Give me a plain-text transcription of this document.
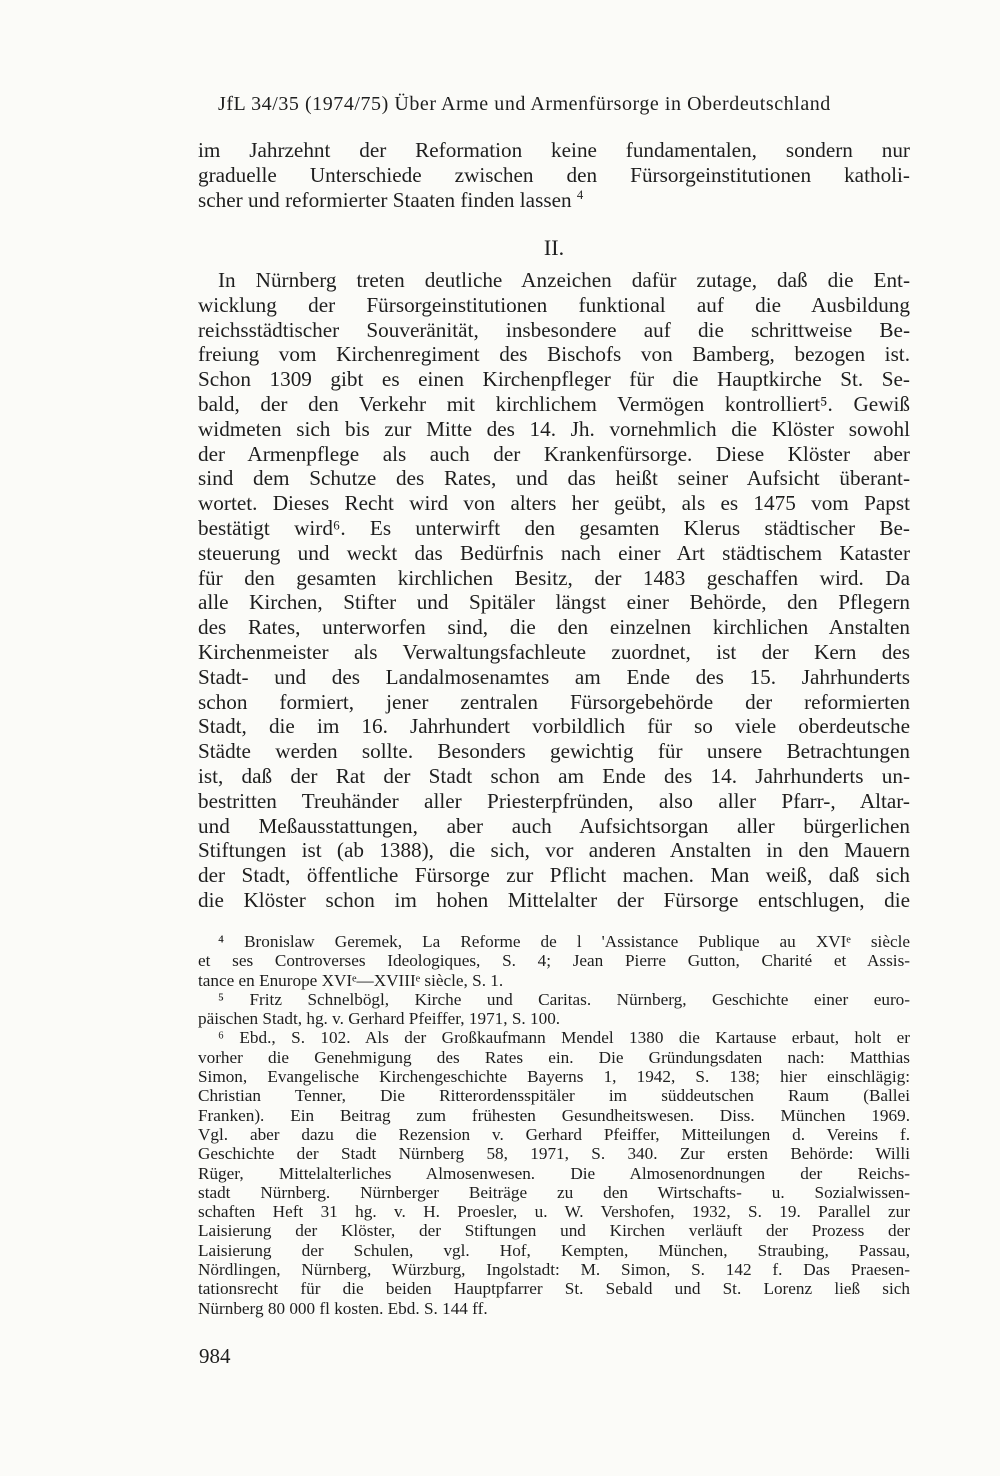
JfL 34/35 (1974/75) Über Arme und Armenfürsorge in Oberdeutschland
im Jahrzehnt der Reformation keine fundamentalen, sondern nur
graduelle Unterschiede zwischen den Fürsorgeinstitutionen katholi-
scher und reformierter Staaten finden lassen $^4$
II.
In Nürnberg treten deutliche Anzeichen dafür zutage, daß die Ent-
wicklung der Fürsorgeinstitutionen funktional auf die Ausbildung
reichsstädtischer Souveränität, insbesondere auf die schrittweise Be-
freiung vom Kirchenregiment des Bischofs von Bamberg, bezogen ist.
Schon 1309 gibt es einen Kirchenpfleger für die Hauptkirche St. Se-
bald, der den Verkehr mit kirchlichem Vermögen kontrolliert⁵. Gewiß
widmeten sich bis zur Mitte des 14. Jh. vornehmlich die Klöster sowohl
der Armenpflege als auch der Krankenfürsorge. Diese Klöster aber
sind dem Schutze des Rates, und das heißt seiner Aufsicht überant-
wortet. Dieses Recht wird von alters her geübt, als es 1475 vom Papst
bestätigt wird⁶. Es unterwirft den gesamten Klerus städtischer Be-
steuerung und weckt das Bedürfnis nach einer Art städtischem Kataster
für den gesamten kirchlichen Besitz, der 1483 geschaffen wird. Da
alle Kirchen, Stifter und Spitäler längst einer Behörde, den Pflegern
des Rates, unterworfen sind, die den einzelnen kirchlichen Anstalten
Kirchenmeister als Verwaltungsfachleute zuordnet, ist der Kern des
Stadt- und des Landalmosenamtes am Ende des 15. Jahrhunderts
schon formiert, jener zentralen Fürsorgebehörde der reformierten
Stadt, die im 16. Jahrhundert vorbildlich für so viele oberdeutsche
Städte werden sollte. Besonders gewichtig für unsere Betrachtungen
ist, daß der Rat der Stadt schon am Ende des 14. Jahrhunderts un-
bestritten Treuhänder aller Priesterpfründen, also aller Pfarr-, Altar-
und Meßausstattungen, aber auch Aufsichtsorgan aller bürgerlichen
Stiftungen ist (ab 1388), die sich, vor anderen Anstalten in den Mauern
der Stadt, öffentliche Fürsorge zur Pflicht machen. Man weiß, daß sich
die Klöster schon im hohen Mittelalter der Fürsorge entschlugen, die
⁴ Bronislaw Geremek, La Reforme de l 'Assistance Publique au XVIᵉ siècle
et ses Controverses Ideologiques, S. 4; Jean Pierre Gutton, Charité et Assis-
tance en Enurope XVIᵉ—XVIIIᵉ siècle, S. 1.
⁵ Fritz Schnelbögl, Kirche und Caritas. Nürnberg, Geschichte einer euro-
päischen Stadt, hg. v. Gerhard Pfeiffer, 1971, S. 100.
⁶ Ebd., S. 102. Als der Großkaufmann Mendel 1380 die Kartause erbaut, holt er
vorher die Genehmigung des Rates ein. Die Gründungsdaten nach: Matthias
Simon, Evangelische Kirchengeschichte Bayerns 1, 1942, S. 138; hier einschlägig:
Christian Tenner, Die Ritterordensspitäler im süddeutschen Raum (Ballei
Franken). Ein Beitrag zum frühesten Gesundheitswesen. Diss. München 1969.
Vgl. aber dazu die Rezension v. Gerhard Pfeiffer, Mitteilungen d. Vereins f.
Geschichte der Stadt Nürnberg 58, 1971, S. 340. Zur ersten Behörde: Willi
Rüger, Mittelalterliches Almosenwesen. Die Almosenordnungen der Reichs-
stadt Nürnberg. Nürnberger Beiträge zu den Wirtschafts- u. Sozialwissen-
schaften Heft 31 hg. v. H. Proesler, u. W. Vershofen, 1932, S. 19. Parallel zur
Laisierung der Klöster, der Stiftungen und Kirchen verläuft der Prozess der
Laisierung der Schulen, vgl. Hof, Kempten, München, Straubing, Passau,
Nördlingen, Nürnberg, Würzburg, Ingolstadt: M. Simon, S. 142 f. Das Praesen-
tationsrecht für die beiden Hauptpfarrer St. Sebald und St. Lorenz ließ sich
Nürnberg 80 000 fl kosten. Ebd. S. 144 ff.
984
